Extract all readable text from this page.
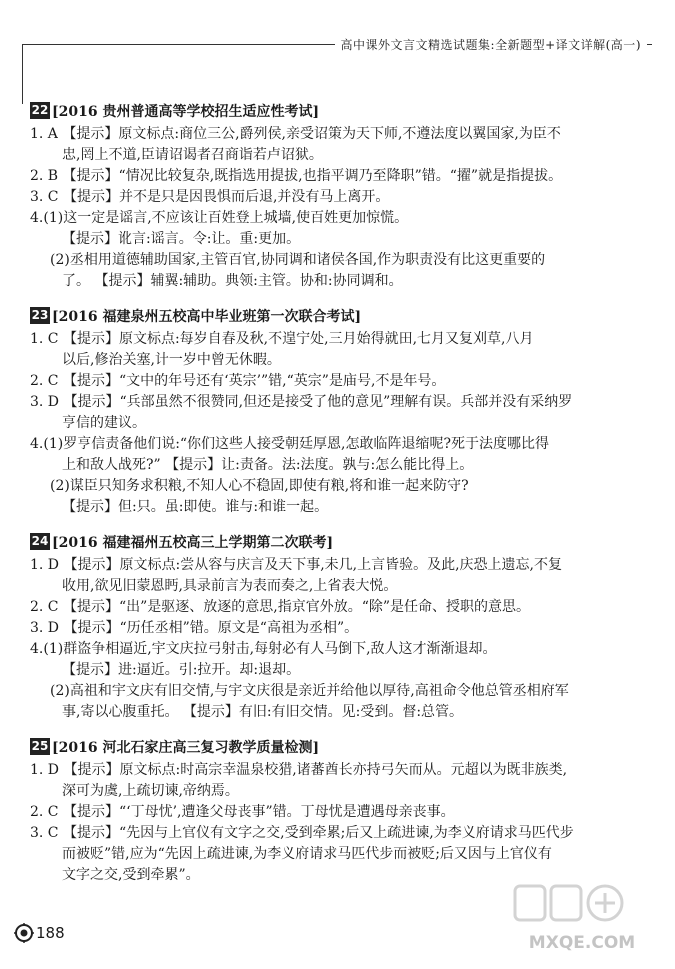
高中课外文言文精选试题集:全新题型+译文详解(高一)
22 [2016 贵州普通高等学校招生适应性考试]
1. A 【提示】原文标点:商位三公,爵列侯,亲受诏策为天下师,不遵法度以翼国家,为臣不
忠,罔上不道,臣请诏谒者召商诣若卢诏狱。
2. B 【提示】“情况比较复杂,既指选用提拔,也指平调乃至降职”错。“擢”就是指提拔。
3. C 【提示】并不是只是因畏惧而后退,并没有马上离开。
4.(1)这一定是谣言,不应该让百姓登上城墙,使百姓更加惊慌。
【提示】讹言:谣言。令:让。重:更加。
(2)丞相用道德辅助国家,主管百官,协同调和诸侯各国,作为职责没有比这更重要的
了。 【提示】辅翼:辅助。典领:主管。协和:协同调和。
23 [2016 福建泉州五校高中毕业班第一次联合考试]
1. C 【提示】原文标点:每岁自春及秋,不遑宁处,三月始得就田,七月又复刈草,八月
以后,修治关塞,计一岁中曾无休暇。
2. C 【提示】“文中的年号还有‘英宗’”错,“英宗”是庙号,不是年号。
3. D 【提示】“兵部虽然不很赞同,但还是接受了他的意见”理解有误。兵部并没有采纳罗
亨信的建议。
4.(1)罗亨信责备他们说:“你们这些人接受朝廷厚恩,怎敢临阵退缩呢?死于法度哪比得
上和敌人战死?” 【提示】让:责备。法:法度。孰与:怎么能比得上。
(2)谋臣只知务求积粮,不知人心不稳固,即使有粮,将和谁一起来防守?
【提示】但:只。虽:即使。谁与:和谁一起。
24 [2016 福建福州五校高三上学期第二次联考]
1. D 【提示】原文标点:尝从容与庆言及天下事,未几,上言皆验。及此,庆恐上遗忘,不复
收用,欲见旧蒙恩眄,具录前言为表而奏之,上省表大悦。
2. C 【提示】“出”是驱逐、放逐的意思,指京官外放。“除”是任命、授职的意思。
3. D 【提示】“历任丞相”错。原文是“高祖为丞相”。
4.(1)群盗争相逼近,宇文庆拉弓射击,每射必有人马倒下,敌人这才渐渐退却。
【提示】进:逼近。引:拉开。却:退却。
(2)高祖和宇文庆有旧交情,与宇文庆很是亲近并给他以厚待,高祖命令他总管丞相府军
事,寄以心腹重托。 【提示】有旧:有旧交情。见:受到。督:总管。
25 [2016 河北石家庄高三复习教学质量检测]
1. D 【提示】原文标点:时高宗幸温泉校猎,诸蕃酋长亦持弓矢而从。元超以为既非族类,
深可为虞,上疏切谏,帝纳焉。
2. C 【提示】“‘丁母忧’,遭逢父母丧事”错。丁母忧是遭遇母亲丧事。
3. C 【提示】“先因与上官仪有文字之交,受到牵累;后又上疏进谏,为李义府请求马匹代步
而被贬”错,应为“先因上疏进谏,为李义府请求马匹代步而被贬;后又因与上官仪有
文字之交,受到牵累”。
188	MXQE.COM
